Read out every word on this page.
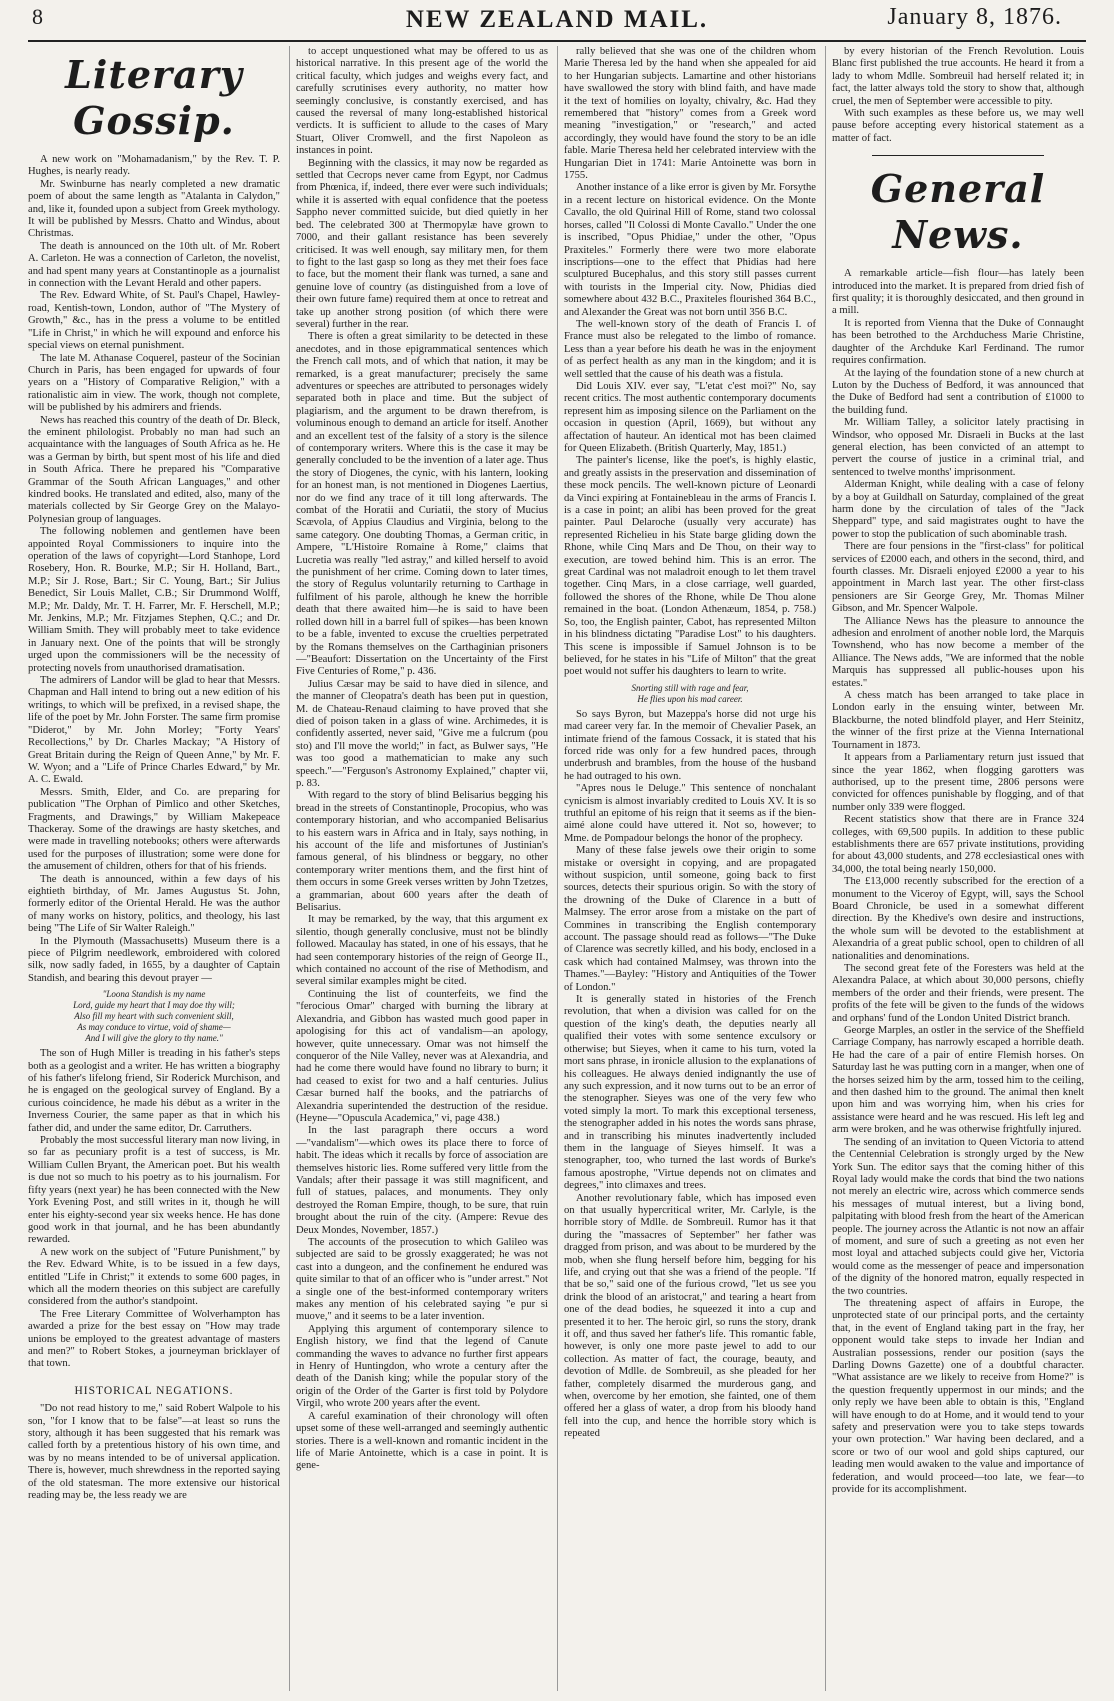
8	NEW ZEALAND MAIL.	January 8, 1876.
Literary Gossip.

A new work on "Mohamadanism," by the Rev. T. P. Hughes, is nearly ready.

Mr. Swinburne has nearly completed a new dramatic poem of about the same length as "Atalanta in Calydon," and, like it, founded upon a subject from Greek mythology. It will be published by Messrs. Chatto and Windus, about Christmas.

The death is announced on the 10th ult. of Mr. Robert A. Carleton. He was a connection of Carleton, the novelist, and had spent many years at Constantinople as a journalist in connection with the Levant Herald and other papers.

The Rev. Edward White, of St. Paul's Chapel, Hawley-road, Kentish-town, London, author of "The Mystery of Growth," &c., has in the press a volume to be entitled "Life in Christ," in which he will expound and enforce his special views on eternal punishment.

The late M. Athanase Coquerel, pasteur of the Socinian Church in Paris, has been engaged for upwards of four years on a "History of Comparative Religion," with a rationalistic aim in view. The work, though not complete, will be published by his admirers and friends.

News has reached this country of the death of Dr. Bleck, the eminent philologist. Probably no man had such an acquaintance with the languages of South Africa as he. He was a German by birth, but spent most of his life and died in South Africa. There he prepared his "Comparative Grammar of the South African Languages," and other kindred books. He translated and edited, also, many of the materials collected by Sir George Grey on the Malayo-Polynesian group of languages.

The following noblemen and gentlemen have been appointed Royal Commissioners to inquire into the operation of the laws of copyright—Lord Stanhope, Lord Rosebery, Hon. R. Bourke, M.P.; Sir H. Holland, Bart., M.P.; Sir J. Rose, Bart.; Sir C. Young, Bart.; Sir Julius Benedict, Sir Louis Mallet, C.B.; Sir Drummond Wolff, M.P.; Mr. Daldy, Mr. T. H. Farrer, Mr. F. Herschell, M.P.; Mr. Jenkins, M.P.; Mr. Fitzjames Stephen, Q.C.; and Dr. William Smith. They will probably meet to take evidence in January next. One of the points that will be strongly urged upon the commissioners will be the necessity of protecting novels from unauthorised dramatisation.

The admirers of Landor will be glad to hear that Messrs. Chapman and Hall intend to bring out a new edition of his writings, to which will be prefixed, in a revised shape, the life of the poet by Mr. John Forster. The same firm promise "Diderot," by Mr. John Morley; "Forty Years' Recollections," by Dr. Charles Mackay; "A History of Great Britain during the Reign of Queen Anne," by Mr. F. W. Wyon; and a "Life of Prince Charles Edward," by Mr. A. C. Ewald.

Messrs. Smith, Elder, and Co. are preparing for publication "The Orphan of Pimlico and other Sketches, Fragments, and Drawings," by William Makepeace Thackeray. Some of the drawings are hasty sketches, and were made in travelling notebooks; others were afterwards used for the purposes of illustration; some were done for the amusement of children, others for that of his friends.

The death is announced, within a few days of his eightieth birthday, of Mr. James Augustus St. John, formerly editor of the Oriental Herald. He was the author of many works on history, politics, and theology, his last being "The Life of Sir Walter Raleigh."

In the Plymouth (Massachusetts) Museum there is a piece of Pilgrim needlework, embroidered with colored silk, now sadly faded, in 1655, by a daughter of Captain Standish, and bearing this devout prayer —

"Loona Standish is my name
Lord, guide my heart that I may doe thy will;
Also fill my heart with such convenient skill,
As may conduce to virtue, void of shame—
And I will give the glory to thy name."

The son of Hugh Miller is treading in his father's steps both as a geologist and a writer. He has written a biography of his father's lifelong friend, Sir Roderick Murchison, and he is engaged on the geological survey of England. By a curious coincidence, he made his début as a writer in the Inverness Courier, the same paper as that in which his father did, and under the same editor, Dr. Carruthers.

Probably the most successful literary man now living, in so far as pecuniary profit is a test of success, is Mr. William Cullen Bryant, the American poet. But his wealth is due not so much to his poetry as to his journalism. For fifty years (next year) he has been connected with the New York Evening Post, and still writes in it, though he will enter his eighty-second year six weeks hence. He has done good work in that journal, and he has been abundantly rewarded.

A new work on the subject of "Future Punishment," by the Rev. Edward White, is to be issued in a few days, entitled "Life in Christ;" it extends to some 600 pages, in which all the modern theories on this subject are carefully considered from the author's standpoint.

The Free Literary Committee of Wolverhampton has awarded a prize for the best essay on "How may trade unions be employed to the greatest advantage of masters and men?" to Robert Stokes, a journeyman bricklayer of that town.

HISTORICAL NEGATIONS.

"Do not read history to me," said Robert Walpole to his son, "for I know that to be false"—at least so runs the story, although it has been suggested that his remark was called forth by a pretentious history of his own time, and was by no means intended to be of universal application. There is, however, much shrewdness in the reported saying of the old statesman. The more extensive our historical reading may be, the less ready we are

to accept unquestioned what may be offered to us as historical narrative. In this present age of the world the critical faculty, which judges and weighs every fact, and carefully scrutinises every authority, no matter how seemingly conclusive, is constantly exercised, and has caused the reversal of many long-established historical verdicts. It is sufficient to allude to the cases of Mary Stuart, Oliver Cromwell, and the first Napoleon as instances in point.

Beginning with the classics, it may now be regarded as settled that Cecrops never came from Egypt, nor Cadmus from Phœnica, if, indeed, there ever were such individuals; while it is asserted with equal confidence that the poetess Sappho never committed suicide, but died quietly in her bed. The celebrated 300 at Thermopylæ have grown to 7000, and their gallant resistance has been severely criticised. It was well enough, say military men, for them to fight to the last gasp so long as they met their foes face to face, but the moment their flank was turned, a sane and genuine love of country (as distinguished from a love of their own future fame) required them at once to retreat and take up another strong position (of which there were several) further in the rear.

There is often a great similarity to be detected in these anecdotes, and in those epigrammatical sentences which the French call mots, and of which that nation, it may be remarked, is a great manufacturer; precisely the same adventures or speeches are attributed to personages widely separated both in place and time. But the subject of plagiarism, and the argument to be drawn therefrom, is voluminous enough to demand an article for itself. Another and an excellent test of the falsity of a story is the silence of contemporary writers. Where this is the case it may be generally concluded to be the invention of a later age. Thus the story of Diogenes, the cynic, with his lantern, looking for an honest man, is not mentioned in Diogenes Laertius, nor do we find any trace of it till long afterwards. The combat of the Horatii and Curiatii, the story of Mucius Scævola, of Appius Claudius and Virginia, belong to the same category. One doubting Thomas, a German critic, in Ampere, "L'Histoire Romaine à Rome," claims that Lucretia was really "led astray," and killed herself to avoid the punishment of her crime. Coming down to later times, the story of Regulus voluntarily returning to Carthage in fulfilment of his parole, although he knew the horrible death that there awaited him—he is said to have been rolled down hill in a barrel full of spikes—has been known to be a fable, invented to excuse the cruelties perpetrated by the Romans themselves on the Carthaginian prisoners—"Beaufort: Dissertation on the Uncertainty of the First Five Centuries of Rome," p. 436.

Julius Cæsar may be said to have died in silence, and the manner of Cleopatra's death has been put in question, M. de Chateau-Renaud claiming to have proved that she died of poison taken in a glass of wine. Archimedes, it is confidently asserted, never said, "Give me a fulcrum (pou sto) and I'll move the world;" in fact, as Bulwer says, "He was too good a mathematician to make any such speech."—"Ferguson's Astronomy Explained," chapter vii, p. 83.

With regard to the story of blind Belisarius begging his bread in the streets of Constantinople, Procopius, who was contemporary historian, and who accompanied Belisarius to his eastern wars in Africa and in Italy, says nothing, in his account of the life and misfortunes of Justinian's famous general, of his blindness or beggary, no other contemporary writer mentions them, and the first hint of them occurs in some Greek verses written by John Tzetzes, a grammarian, about 600 years after the death of Belisarius.

It may be remarked, by the way, that this argument ex silentio, though generally conclusive, must not be blindly followed. Macaulay has stated, in one of his essays, that he had seen contemporary histories of the reign of George II., which contained no account of the rise of Methodism, and several similar examples might be cited.

Continuing the list of counterfeits, we find the "ferocious Omar" charged with burning the library at Alexandria, and Gibbon has wasted much good paper in apologising for this act of vandalism—an apology, however, quite unnecessary. Omar was not himself the conqueror of the Nile Valley, never was at Alexandria, and had he come there would have found no library to burn; it had ceased to exist for two and a half centuries. Julius Cæsar burned half the books, and the patriarchs of Alexandria superintended the destruction of the residue. (Heyne—"Opuscula Academica," vi, page 438.)

In the last paragraph there occurs a word—"vandalism"—which owes its place there to force of habit. The ideas which it recalls by force of association are themselves historic lies. Rome suffered very little from the Vandals; after their passage it was still magnificent, and full of statues, palaces, and monuments. They only destroyed the Roman Empire, though, to be sure, that ruin brought about the ruin of the city. (Ampere: Revue des Deux Mondes, November, 1857.)

The accounts of the prosecution to which Galileo was subjected are said to be grossly exaggerated; he was not cast into a dungeon, and the confinement he endured was quite similar to that of an officer who is "under arrest." Not a single one of the best-informed contemporary writers makes any mention of his celebrated saying "e pur si muove," and it seems to be a later invention.

Applying this argument of contemporary silence to English history, we find that the legend of Canute commanding the waves to advance no further first appears in Henry of Huntingdon, who wrote a century after the death of the Danish king; while the popular story of the origin of the Order of the Garter is first told by Polydore Virgil, who wrote 200 years after the event.

A careful examination of their chronology will often upset some of these well-arranged and seemingly authentic stories. There is a well-known and romantic incident in the life of Marie Antoinette, which is a case in point. It is gene-

rally believed that she was one of the children whom Marie Theresa led by the hand when she appealed for aid to her Hungarian subjects. Lamartine and other historians have swallowed the story with blind faith, and have made it the text of homilies on loyalty, chivalry, &c. Had they remembered that "history" comes from a Greek word meaning "investigation," or "research," and acted accordingly, they would have found the story to be an idle fable. Marie Theresa held her celebrated interview with the Hungarian Diet in 1741: Marie Antoinette was born in 1755.

Another instance of a like error is given by Mr. Forsythe in a recent lecture on historical evidence. On the Monte Cavallo, the old Quirinal Hill of Rome, stand two colossal horses, called "Il Colossi di Monte Cavallo." Under the one is inscribed, "Opus Phidiae," under the other, "Opus Praxiteles." Formerly there were two more elaborate inscriptions—one to the effect that Phidias had here sculptured Bucephalus, and this story still passes current with tourists in the Imperial city. Now, Phidias died somewhere about 432 B.C., Praxiteles flourished 364 B.C., and Alexander the Great was not born until 356 B.C.

The well-known story of the death of Francis I. of France must also be relegated to the limbo of romance. Less than a year before his death he was in the enjoyment of as perfect health as any man in the kingdom; and it is well settled that the cause of his death was a fistula.

Did Louis XIV. ever say, "L'etat c'est moi?" No, say recent critics. The most authentic contemporary documents represent him as imposing silence on the Parliament on the occasion in question (April, 1669), but without any affectation of hauteur. An identical mot has been claimed for Queen Elizabeth. (British Quarterly, May, 1851.)

The painter's license, like the poet's, is highly elastic, and greatly assists in the preservation and dissemination of these mock pencils. The well-known picture of Leonardi da Vinci expiring at Fontainebleau in the arms of Francis I. is a case in point; an alibi has been proved for the great painter. Paul Delaroche (usually very accurate) has represented Richelieu in his State barge gliding down the Rhone, while Cinq Mars and De Thou, on their way to execution, are towed behind him. This is an error. The great Cardinal was not maladroit enough to let them travel together. Cinq Mars, in a close carriage, well guarded, followed the shores of the Rhone, while De Thou alone remained in the boat. (London Athenæum, 1854, p. 758.) So, too, the English painter, Cabot, has represented Milton in his blindness dictating "Paradise Lost" to his daughters. This scene is impossible if Samuel Johnson is to be believed, for he states in his "Life of Milton" that the great poet would not suffer his daughters to learn to write.

Snorting still with rage and fear,
He flies upon his mad career.

So says Byron, but Mazeppa's horse did not urge his mad career very far. In the memoir of Chevalier Pasek, an intimate friend of the famous Cossack, it is stated that his forced ride was only for a few hundred paces, through underbrush and brambles, from the house of the husband he had outraged to his own.

"Apres nous le Deluge." This sentence of nonchalant cynicism is almost invariably credited to Louis XV. It is so truthful an epitome of his reign that it seems as if the bien-aimé alone could have uttered it. Not so, however; to Mme. de Pompadour belongs the honor of the prophecy.

Many of these false jewels owe their origin to some mistake or oversight in copying, and are propagated without suspicion, until someone, going back to first sources, detects their spurious origin. So with the story of the drowning of the Duke of Clarence in a butt of Malmsey. The error arose from a mistake on the part of Commines in transcribing the English contemporary account. The passage should read as follows—"The Duke of Clarence was secretly killed, and his body, enclosed in a cask which had contained Malmsey, was thrown into the Thames."—Bayley: "History and Antiquities of the Tower of London."

It is generally stated in histories of the French revolution, that when a division was called for on the question of the king's death, the deputies nearly all qualified their votes with some sentence exculsory or otherwise; but Sieyes, when it came to his turn, voted la mort sans phrase, in ironicle allusion to the explanations of his colleagues. He always denied indignantly the use of any such expression, and it now turns out to be an error of the stenographer. Sieyes was one of the very few who voted simply la mort. To mark this exceptional terseness, the stenographer added in his notes the words sans phrase, and in transcribing his minutes inadvertently included them in the language of Sieyes himself. It was a stenographer, too, who turned the last words of Burke's famous apostrophe, "Virtue depends not on climates and degrees," into climaxes and trees.

Another revolutionary fable, which has imposed even on that usually hypercritical writer, Mr. Carlyle, is the horrible story of Mdlle. de Sombreuil. Rumor has it that during the "massacres of September" her father was dragged from prison, and was about to be murdered by the mob, when she flung herself before him, begging for his life, and crying out that she was a friend of the people. "If that be so," said one of the furious crowd, "let us see you drink the blood of an aristocrat," and tearing a heart from one of the dead bodies, he squeezed it into a cup and presented it to her. The heroic girl, so runs the story, drank it off, and thus saved her father's life. This romantic fable, however, is only one more paste jewel to add to our collection. As matter of fact, the courage, beauty, and devotion of Mdlle. de Sombreuil, as she pleaded for her father, completely disarmed the murderous gang, and when, overcome by her emotion, she fainted, one of them offered her a glass of water, a drop from his bloody hand fell into the cup, and hence the horrible story which is repeated

by every historian of the French Revolution. Louis Blanc first published the true accounts. He heard it from a lady to whom Mdlle. Sombreuil had herself related it; in fact, the latter always told the story to show that, although cruel, the men of September were accessible to pity.

With such examples as these before us, we may well pause before accepting every historical statement as a matter of fact.

General News.

A remarkable article—fish flour—has lately been introduced into the market. It is prepared from dried fish of first quality; it is thoroughly desiccated, and then ground in a mill.

It is reported from Vienna that the Duke of Connaught has been betrothed to the Archduchess Marie Christine, daughter of the Archduke Karl Ferdinand. The rumor requires confirmation.

At the laying of the foundation stone of a new church at Luton by the Duchess of Bedford, it was announced that the Duke of Bedford had sent a contribution of £1000 to the building fund.

Mr. William Talley, a solicitor lately practising in Windsor, who opposed Mr. Disraeli in Bucks at the last general election, has been convicted of an attempt to pervert the course of justice in a criminal trial, and sentenced to twelve months' imprisonment.

Alderman Knight, while dealing with a case of felony by a boy at Guildhall on Saturday, complained of the great harm done by the circulation of tales of the "Jack Sheppard" type, and said magistrates ought to have the power to stop the publication of such abominable trash.

There are four pensions in the "first-class" for political services of £2000 each, and others in the second, third, and fourth classes. Mr. Disraeli enjoyed £2000 a year to his appointment in March last year. The other first-class pensioners are Sir George Grey, Mr. Thomas Milner Gibson, and Mr. Spencer Walpole.

The Alliance News has the pleasure to announce the adhesion and enrolment of another noble lord, the Marquis Townshend, who has now become a member of the Alliance. The News adds, "We are informed that the noble Marquis has suppressed all public-houses upon his estates."

A chess match has been arranged to take place in London early in the ensuing winter, between Mr. Blackburne, the noted blindfold player, and Herr Steinitz, the winner of the first prize at the Vienna International Tournament in 1873.

It appears from a Parliamentary return just issued that since the year 1862, when flogging garotters was authorised, up to the present time, 2806 persons were convicted for offences punishable by flogging, and of that number only 339 were flogged.

Recent statistics show that there are in France 324 colleges, with 69,500 pupils. In addition to these public establishments there are 657 private institutions, providing for about 43,000 students, and 278 ecclesiastical ones with 34,000, the total being nearly 150,000.

The £13,000 recently subscribed for the erection of a monument to the Viceroy of Egypt, will, says the School Board Chronicle, be used in a somewhat different direction. By the Khedive's own desire and instructions, the whole sum will be devoted to the establishment at Alexandria of a great public school, open to children of all nationalities and denominations.

The second great fete of the Foresters was held at the Alexandra Palace, at which about 30,000 persons, chiefly members of the order and their friends, were present. The profits of the fete will be given to the funds of the widows and orphans' fund of the London United District branch.

George Marples, an ostler in the service of the Sheffield Carriage Company, has narrowly escaped a horrible death. He had the care of a pair of entire Flemish horses. On Saturday last he was putting corn in a manger, when one of the horses seized him by the arm, tossed him to the ceiling, and then dashed him to the ground. The animal then knelt upon him and was worrying him, when his cries for assistance were heard and he was rescued. His left leg and arm were broken, and he was otherwise frightfully injured.

The sending of an invitation to Queen Victoria to attend the Centennial Celebration is strongly urged by the New York Sun. The editor says that the coming hither of this Royal lady would make the cords that bind the two nations not merely an electric wire, across which commerce sends his messages of mutual interest, but a living bond, palpitating with blood fresh from the heart of the American people. The journey across the Atlantic is not now an affair of moment, and sure of such a greeting as not even her most loyal and attached subjects could give her, Victoria would come as the messenger of peace and impersonation of the dignity of the honored matron, equally respected in the two countries.

The threatening aspect of affairs in Europe, the unprotected state of our principal ports, and the certainty that, in the event of England taking part in the fray, her opponent would take steps to invade her Indian and Australian possessions, render our position (says the Darling Downs Gazette) one of a doubtful character. "What assistance are we likely to receive from Home?" is the question frequently uppermost in our minds; and the only reply we have been able to obtain is this, "England will have enough to do at Home, and it would tend to your safety and preservation were you to take steps towards your own protection." War having been declared, and a score or two of our wool and gold ships captured, our leading men would awaken to the value and importance of federation, and would proceed—too late, we fear—to provide for its accomplishment.
